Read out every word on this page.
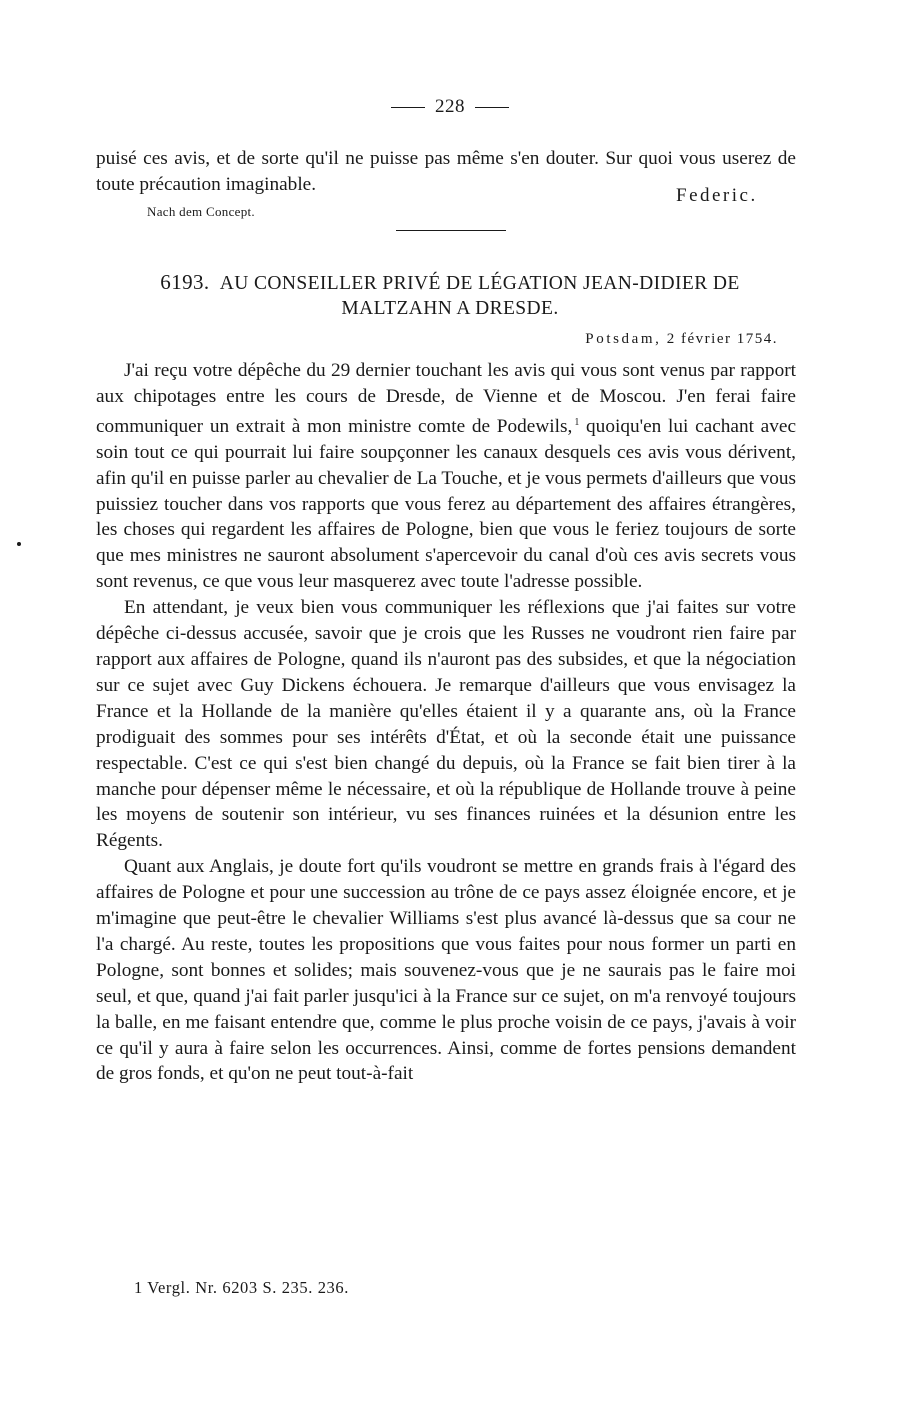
228

puisé ces avis, et de sorte qu'il ne puisse pas même s'en douter. Sur quoi vous userez de toute précaution imaginable.

Federic.
Nach dem Concept.
6193. AU CONSEILLER PRIVÉ DE LÉGATION JEAN-DIDIER DE MALTZAHN A DRESDE.
Potsdam, 2 février 1754.

J'ai reçu votre dépêche du 29 dernier touchant les avis qui vous sont venus par rapport aux chipotages entre les cours de Dresde, de Vienne et de Moscou. J'en ferai faire communiquer un extrait à mon ministre comte de Podewils, $^1$ quoiqu'en lui cachant avec soin tout ce qui pourrait lui faire soupçonner les canaux desquels ces avis vous dérivent, afin qu'il en puisse parler au chevalier de La Touche, et je vous permets d'ailleurs que vous puissiez toucher dans vos rapports que vous ferez au département des affaires étrangères, les choses qui regardent les affaires de Pologne, bien que vous le feriez toujours de sorte que mes ministres ne sauront absolument s'apercevoir du canal d'où ces avis secrets vous sont revenus, ce que vous leur masquerez avec toute l'adresse possible.

En attendant, je veux bien vous communiquer les réflexions que j'ai faites sur votre dépêche ci-dessus accusée, savoir que je crois que les Russes ne voudront rien faire par rapport aux affaires de Pologne, quand ils n'auront pas des subsides, et que la négociation sur ce sujet avec Guy Dickens échouera. Je remarque d'ailleurs que vous envisagez la France et la Hollande de la manière qu'elles étaient il y a quarante ans, où la France prodiguait des sommes pour ses intérêts d'État, et où la seconde était une puissance respectable. C'est ce qui s'est bien changé du depuis, où la France se fait bien tirer à la manche pour dépenser même le nécessaire, et où la république de Hollande trouve à peine les moyens de soutenir son intérieur, vu ses finances ruinées et la désunion entre les Régents.

Quant aux Anglais, je doute fort qu'ils voudront se mettre en grands frais à l'égard des affaires de Pologne et pour une succession au trône de ce pays assez éloignée encore, et je m'imagine que peut-être le chevalier Williams s'est plus avancé là-dessus que sa cour ne l'a chargé. Au reste, toutes les propositions que vous faites pour nous former un parti en Pologne, sont bonnes et solides; mais souvenez-vous que je ne saurais pas le faire moi seul, et que, quand j'ai fait parler jusqu'ici à la France sur ce sujet, on m'a renvoyé toujours la balle, en me faisant entendre que, comme le plus proche voisin de ce pays, j'avais à voir ce qu'il y aura à faire selon les occurrences. Ainsi, comme de fortes pensions demandent de gros fonds, et qu'on ne peut tout-à-fait

1 Vergl. Nr. 6203 S. 235. 236.
